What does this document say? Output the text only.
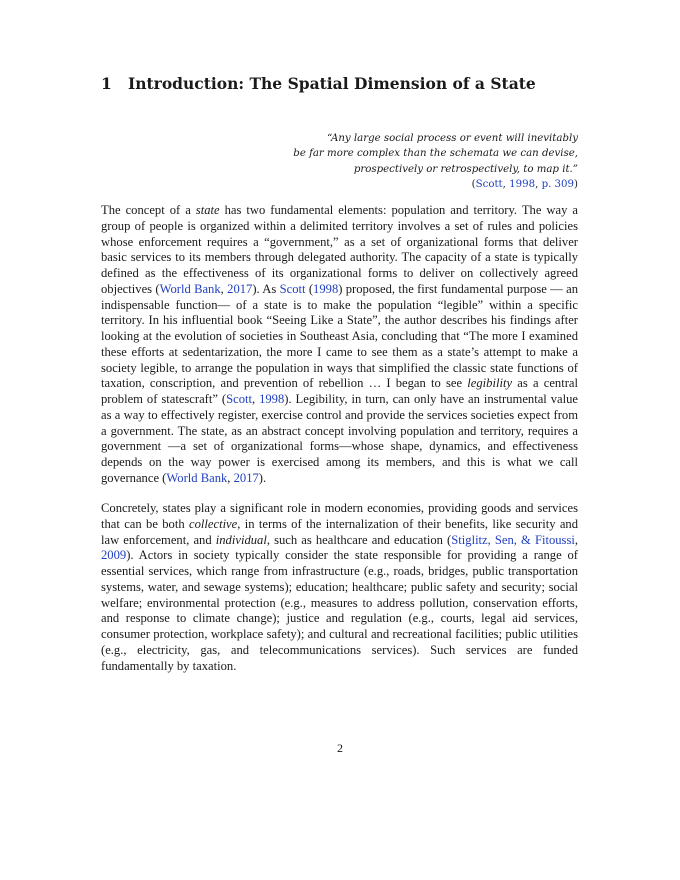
1 Introduction: The Spatial Dimension of a State
“Any large social process or event will inevitably
be far more complex than the schemata we can devise,
prospectively or retrospectively, to map it.”
(Scott, 1998, p. 309)

The concept of a state has two fundamental elements: population and territory. The way a group of people is organized within a delimited territory involves a set of rules and policies whose enforcement requires a “government,” as a set of organizational forms that deliver basic services to its members through delegated authority. The capacity of a state is typically defined as the effectiveness of its organizational forms to deliver on collectively agreed objectives (World Bank, 2017). As Scott (1998) proposed, the first fundamental purpose — an indispensable function— of a state is to make the population “legible” within a specific territory. In his influential book “Seeing Like a State”, the author describes his findings after looking at the evolution of societies in Southeast Asia, concluding that “The more I examined these efforts at sedentarization, the more I came to see them as a state’s attempt to make a society legible, to arrange the population in ways that simplified the classic state functions of taxation, conscription, and prevention of rebellion … I began to see legibility as a central problem of statescraft” (Scott, 1998). Legibility, in turn, can only have an instrumental value as a way to effectively register, exercise control and provide the services societies expect from a government. The state, as an abstract concept involving population and territory, requires a government —a set of organizational forms—whose shape, dynamics, and effectiveness depends on the way power is exercised among its members, and this is what we call governance (World Bank, 2017).

Concretely, states play a significant role in modern economies, providing goods and services that can be both collective, in terms of the internalization of their benefits, like security and law enforcement, and individual, such as healthcare and education (Stiglitz, Sen, & Fitoussi, 2009). Actors in society typically consider the state responsible for providing a range of essential services, which range from infrastructure (e.g., roads, bridges, public transportation systems, water, and sewage systems); education; healthcare; public safety and security; social welfare; environmental protection (e.g., measures to address pollution, conservation efforts, and response to climate change); justice and regulation (e.g., courts, legal aid services, consumer protection, workplace safety); and cultural and recreational facilities; public utilities (e.g., electricity, gas, and telecommunications services). Such services are funded fundamentally by taxation.

2
